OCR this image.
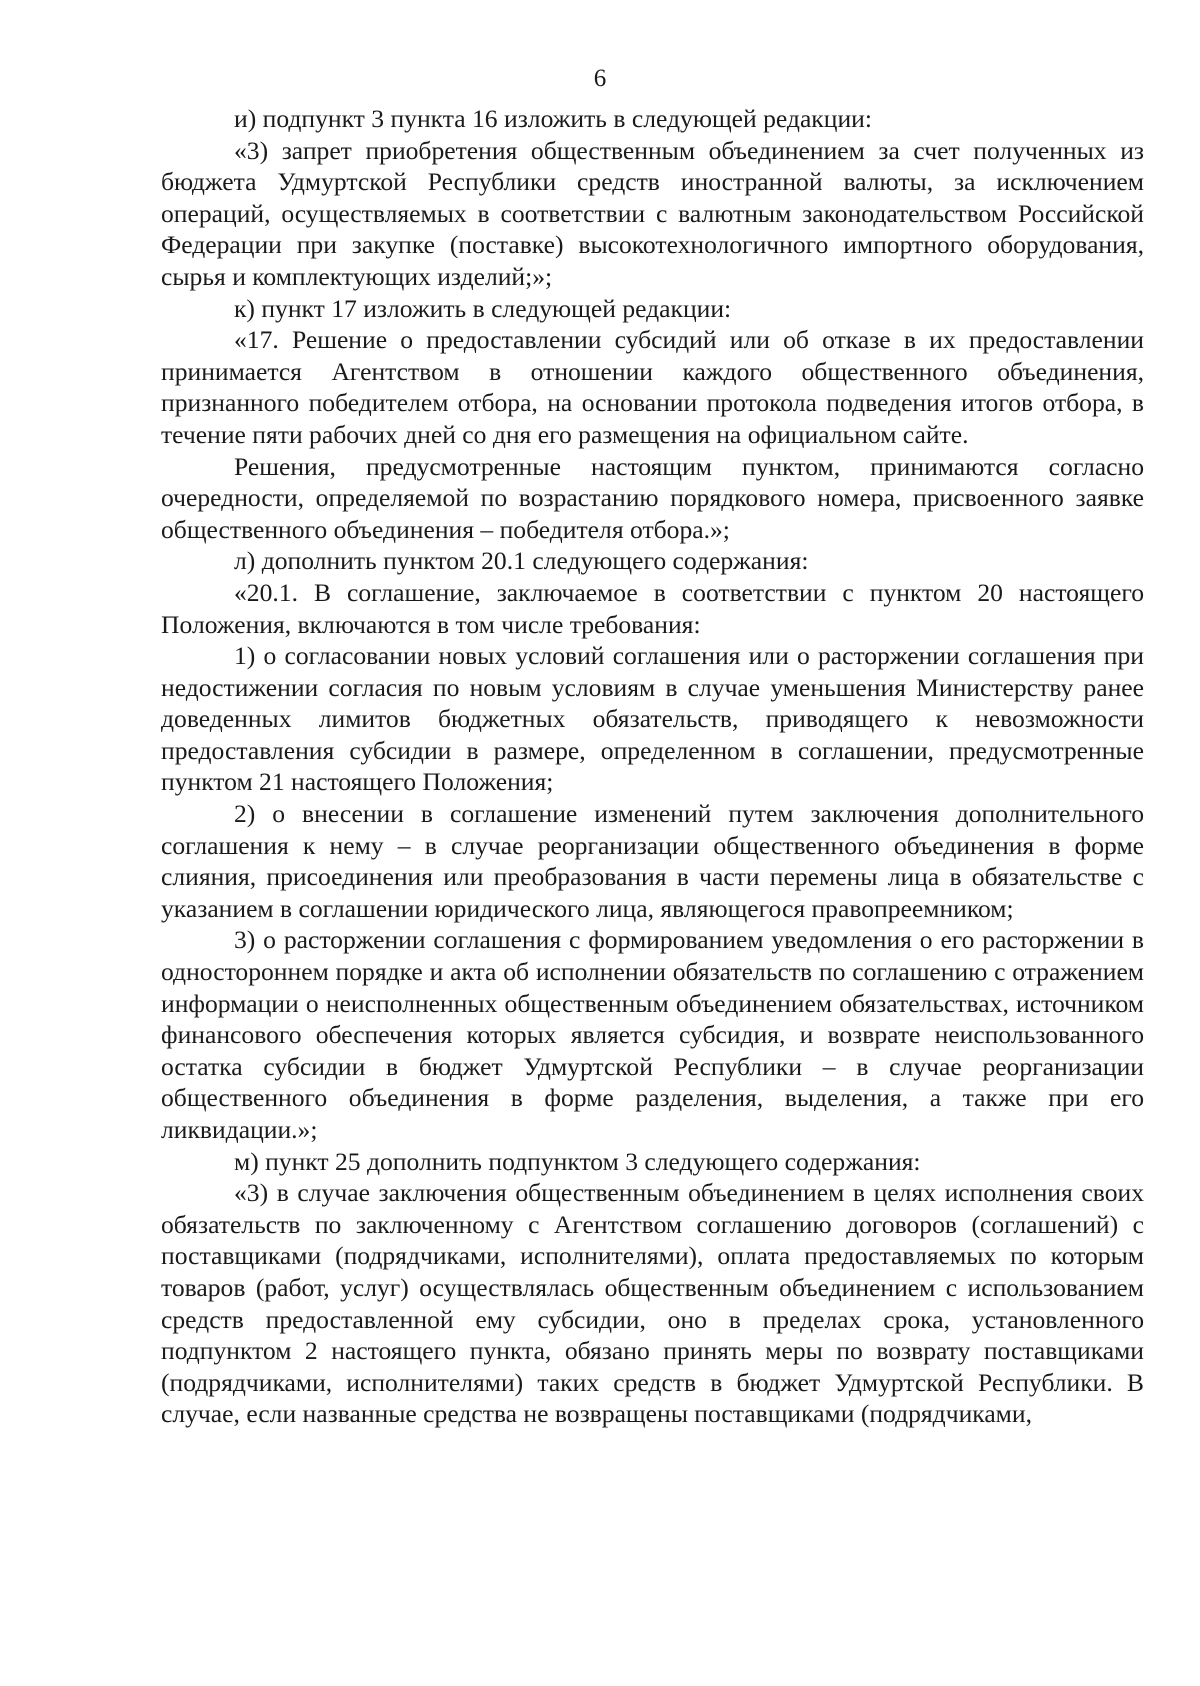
6

и) подпункт 3 пункта 16 изложить в следующей редакции:

«3) запрет приобретения общественным объединением за счет полученных из бюджета Удмуртской Республики средств иностранной валюты, за исключением операций, осуществляемых в соответствии с валютным законодательством Российской Федерации при закупке (поставке) высокотехнологичного импортного оборудования, сырья и комплектующих изделий;»;

к) пункт 17 изложить в следующей редакции:

«17. Решение о предоставлении субсидий или об отказе в их предоставлении принимается Агентством в отношении каждого общественного объединения, признанного победителем отбора, на основании протокола подведения итогов отбора, в течение пяти рабочих дней со дня его размещения на официальном сайте.

Решения, предусмотренные настоящим пунктом, принимаются согласно очередности, определяемой по возрастанию порядкового номера, присвоенного заявке общественного объединения – победителя отбора.»;

л) дополнить пунктом 20.1 следующего содержания:

«20.1. В соглашение, заключаемое в соответствии с пунктом 20 настоящего Положения, включаются в том числе требования:

1) о согласовании новых условий соглашения или о расторжении соглашения при недостижении согласия по новым условиям в случае уменьшения Министерству ранее доведенных лимитов бюджетных обязательств, приводящего к невозможности предоставления субсидии в размере, определенном в соглашении, предусмотренные пунктом 21 настоящего Положения;

2) о внесении в соглашение изменений путем заключения дополнительного соглашения к нему – в случае реорганизации общественного объединения в форме слияния, присоединения или преобразования в части перемены лица в обязательстве с указанием в соглашении юридического лица, являющегося правопреемником;

3) о расторжении соглашения с формированием уведомления о его расторжении в одностороннем порядке и акта об исполнении обязательств по соглашению с отражением информации о неисполненных общественным объединением обязательствах, источником финансового обеспечения которых является субсидия, и возврате неиспользованного остатка субсидии в бюджет Удмуртской Республики – в случае реорганизации общественного объединения в форме разделения, выделения, а также при его ликвидации.»;

м) пункт 25 дополнить подпунктом 3 следующего содержания:

«3) в случае заключения общественным объединением в целях исполнения своих обязательств по заключенному с Агентством соглашению договоров (соглашений) с поставщиками (подрядчиками, исполнителями), оплата предоставляемых по которым товаров (работ, услуг) осуществлялась общественным объединением с использованием средств предоставленной ему субсидии, оно в пределах срока, установленного подпунктом 2 настоящего пункта, обязано принять меры по возврату поставщиками (подрядчиками, исполнителями) таких средств в бюджет Удмуртской Республики. В случае, если названные средства не возвращены поставщиками (подрядчиками,
